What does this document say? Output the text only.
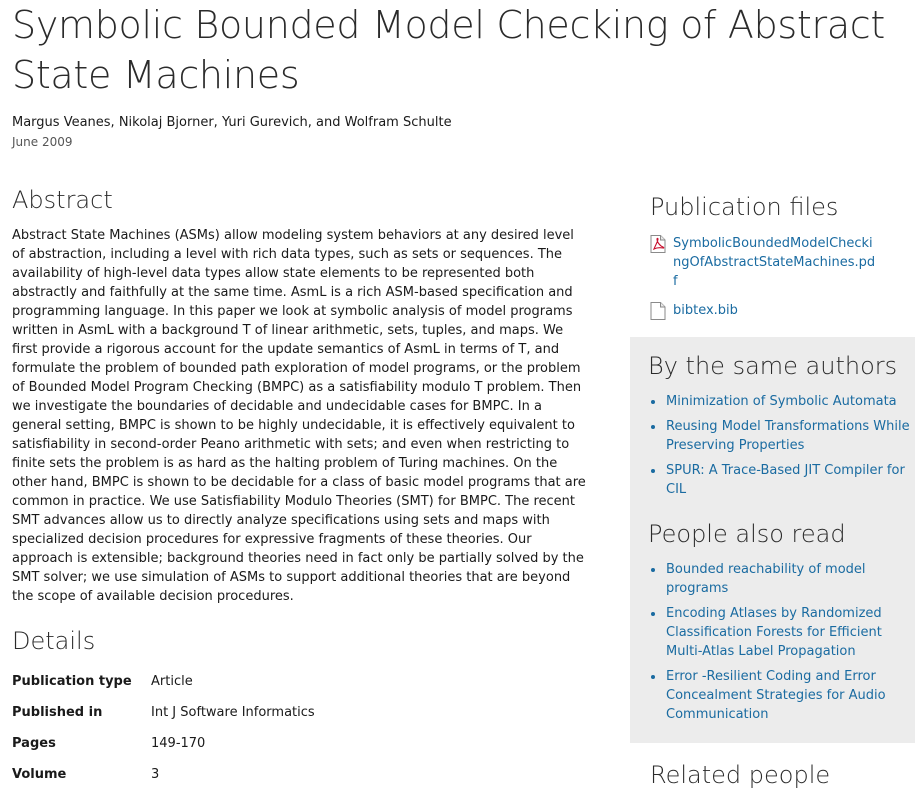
Symbolic Bounded Model Checking of Abstract State Machines
Margus Veanes, Nikolaj Bjorner, Yuri Gurevich, and Wolfram Schulte
June 2009
Abstract

Abstract State Machines (ASMs) allow modeling system behaviors at any desired level of abstraction, including a level with rich data types, such as sets or sequences. The availability of high-level data types allow state elements to be represented both abstractly and faithfully at the same time. AsmL is a rich ASM-based specification and programming language. In this paper we look at symbolic analysis of model programs written in AsmL with a background T of linear arithmetic, sets, tuples, and maps. We first provide a rigorous account for the update semantics of AsmL in terms of T, and formulate the problem of bounded path exploration of model programs, or the problem of Bounded Model Program Checking (BMPC) as a satisfiability modulo T problem. Then we investigate the boundaries of decidable and undecidable cases for BMPC. In a general setting, BMPC is shown to be highly undecidable, it is effectively equivalent to satisfiability in second-order Peano arithmetic with sets; and even when restricting to finite sets the problem is as hard as the halting problem of Turing machines. On the other hand, BMPC is shown to be decidable for a class of basic model programs that are common in practice. We use Satisfiability Modulo Theories (SMT) for BMPC. The recent SMT advances allow us to directly analyze specifications using sets and maps with specialized decision procedures for expressive fragments of these theories. Our approach is extensible; background theories need in fact only be partially solved by the SMT solver; we use simulation of ASMs to support additional theories that are beyond the scope of available decision procedures.

Details
Publication type	Article
Published in	Int J Software Informatics
Pages	149-170
Volume	3
Publication files
SymbolicBoundedModelCheckingOfAbstractStateMachines.pdf
bibtex.bib
By the same authors
Minimization of Symbolic Automata
Reusing Model Transformations While Preserving Properties
SPUR: A Trace-Based JIT Compiler for CIL
People also read
Bounded reachability of model programs
Encoding Atlases by Randomized Classification Forests for Efficient Multi-Atlas Label Propagation
Error -Resilient Coding and Error Concealment Strategies for Audio Communication
Related people
